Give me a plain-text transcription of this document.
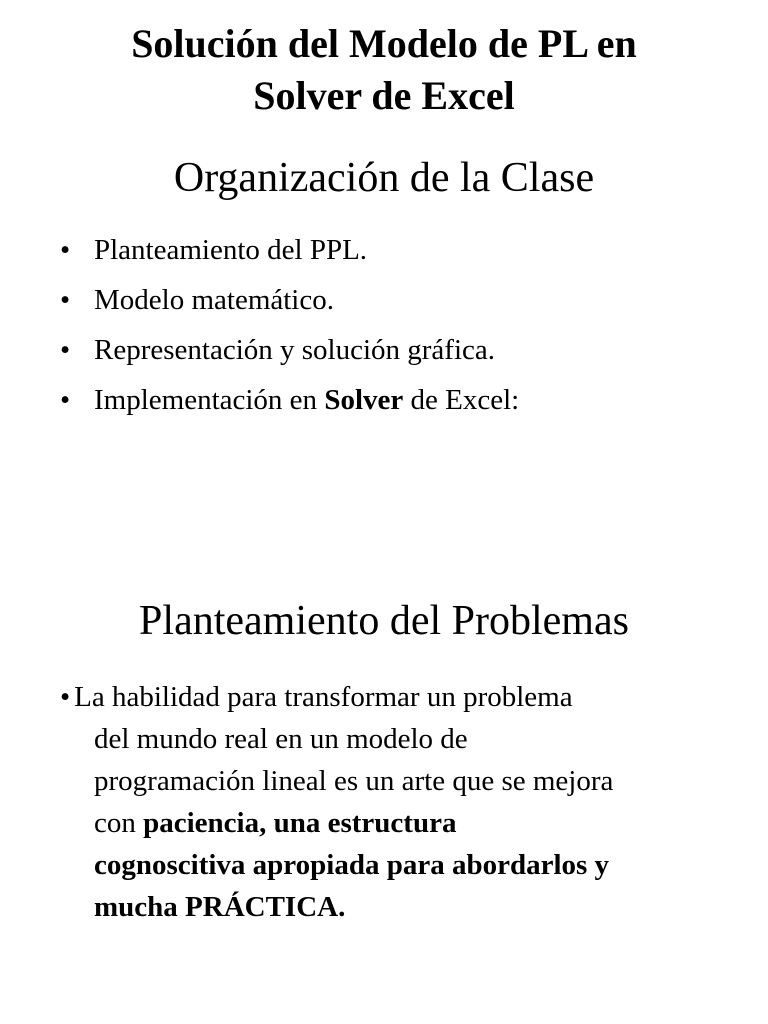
Solución del Modelo de PL en
Solver de Excel
Organización de la Clase
• Planteamiento del PPL.
• Modelo matemático.
• Representación y solución gráfica.
• Implementación en Solver de Excel:
Planteamiento del Problemas
• La habilidad para transformar un problema
del mundo real en un modelo de
programación lineal es un arte que se mejora
con paciencia, una estructura
cognoscitiva apropiada para abordarlos y
mucha PRÁCTICA.
